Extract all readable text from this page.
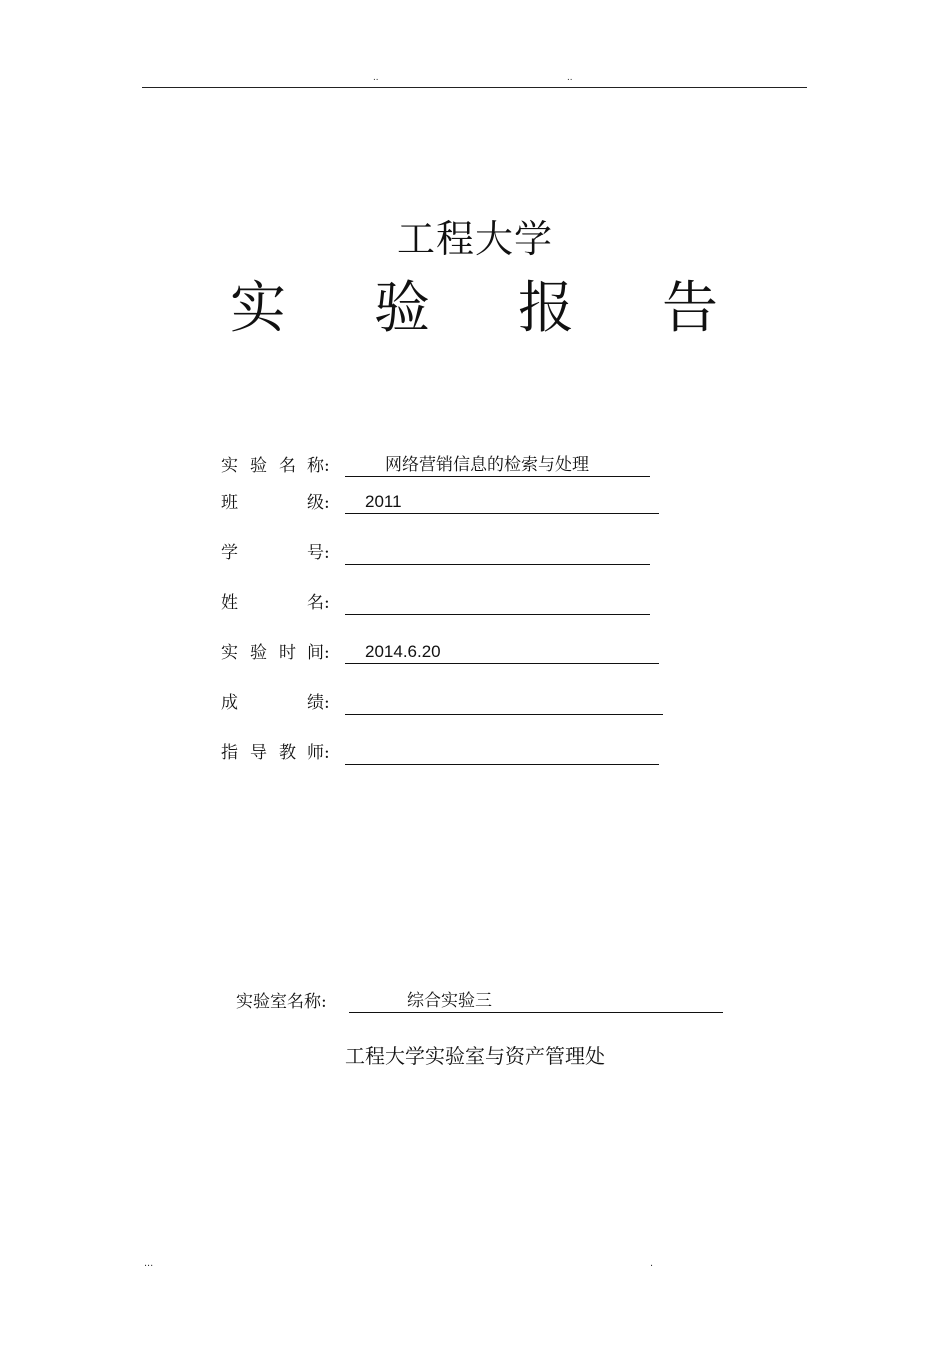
..	..
工程大学
实 验 报 告
实 验 名 称:	网络营销信息的检索与处理
班	级:	2011
学	号:
姓	名:
实 验 时 间:	2014.6.20
成	绩:
指 导 教 师:
实验室名称:	综合实验三
工程大学实验室与资产管理处
...	.
